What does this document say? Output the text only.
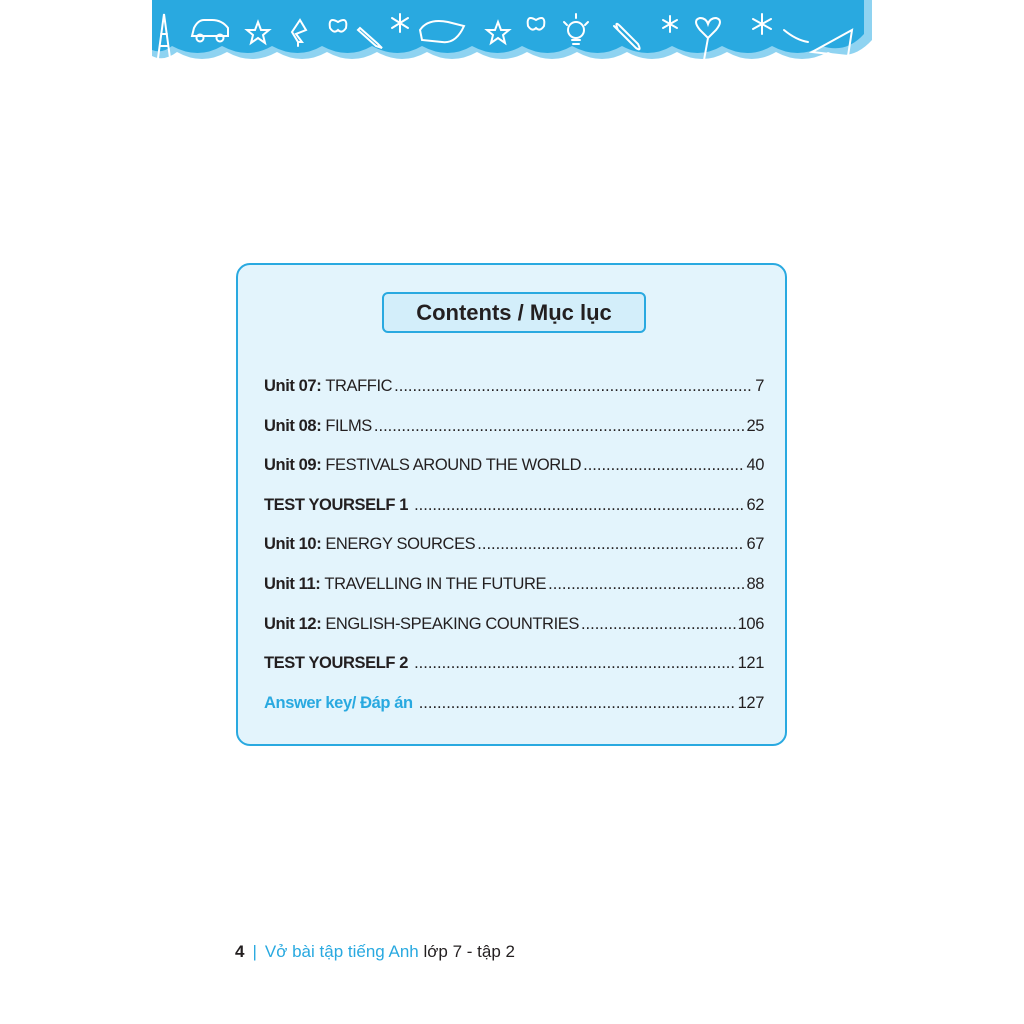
Contents / Mục lục
Unit 07: TRAFFIC .....	7
Unit 08: FILMS .....	25
Unit 09: FESTIVALS AROUND THE WORLD .....	40
TEST YOURSELF 1 .....	62
Unit 10: ENERGY SOURCES .....	67
Unit 11: TRAVELLING IN THE FUTURE .....	88
Unit 12: ENGLISH-SPEAKING COUNTRIES .....	106
TEST YOURSELF 2 .....	121
Answer key/ Đáp án .....	127
4 | Vở bài tập tiếng Anh lớp 7 - tập 2
